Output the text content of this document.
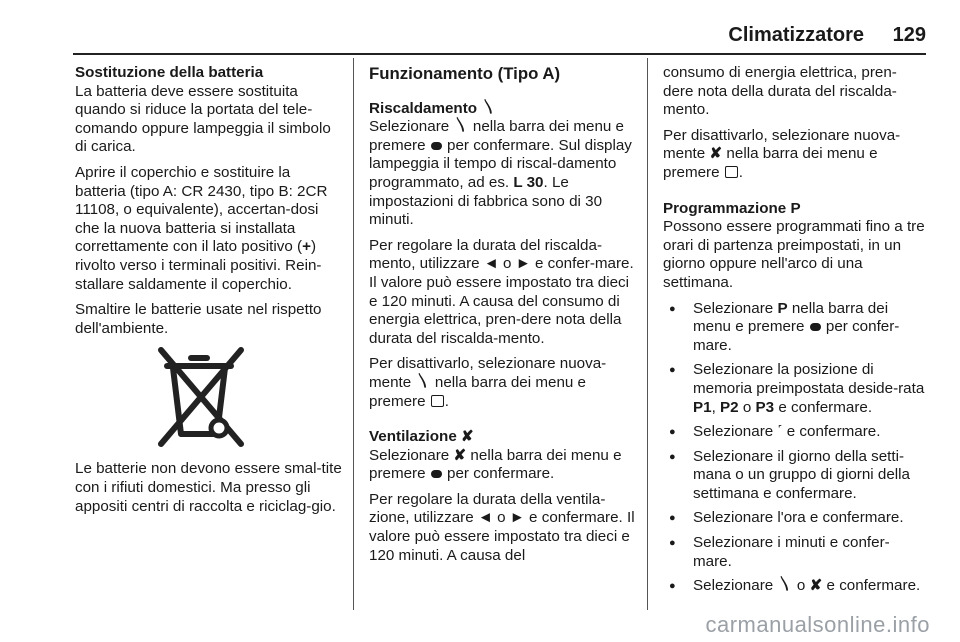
Climatizzatore 129
Sostituzione della batteria

La batteria deve essere sostituita quando si riduce la portata del tele-comando oppure lampeggia il simbolo di carica.

Aprire il coperchio e sostituire la batteria (tipo A: CR 2430, tipo B: 2CR 11108, o equivalente), accertan-dosi che la nuova batteria si installata correttamente con il lato positivo (+) rivolto verso i terminali positivi. Rein-stallare saldamente il coperchio.

Smaltire le batterie usate nel rispetto dell'ambiente.

Le batterie non devono essere smal-tite con i rifiuti domestici. Ma presso gli appositi centri di raccolta e riciclag-gio.

Funzionamento (Tipo A)
Riscaldamento 〵

Selezionare 〵 nella barra dei menu e premere per confermare. Sul display lampeggia il tempo di riscal-damento programmato, ad es. L 30. Le impostazioni di fabbrica sono di 30 minuti.

Per regolare la durata del riscalda-mento, utilizzare ◄ o ► e confer-mare. Il valore può essere impostato tra dieci e 120 minuti. A causa del consumo di energia elettrica, pren-dere nota della durata del riscalda-mento.

Per disattivarlo, selezionare nuova-mente 〵 nella barra dei menu e premere .

Ventilazione ✘

Selezionare ✘ nella barra dei menu e premere per confermare.

Per regolare la durata della ventila-zione, utilizzare ◄ o ► e confermare. Il valore può essere impostato tra dieci e 120 minuti. A causa del

consumo di energia elettrica, pren-dere nota della durata del riscalda-mento.

Per disattivarlo, selezionare nuova-mente ✘ nella barra dei menu e premere .

Programmazione P

Possono essere programmati fino a tre orari di partenza preimpostati, in un giorno oppure nell'arco di una settimana.

● Selezionare P nella barra dei menu e premere per confer-mare.
● Selezionare la posizione di memoria preimpostata deside-rata P1, P2 o P3 e confermare.
● Selezionare ˹ e confermare.
● Selezionare il giorno della setti-mana o un gruppo di giorni della settimana e confermare.
● Selezionare l'ora e confermare.
● Selezionare i minuti e confer-mare.
● Selezionare 〵 o ✘ e confermare.
carmanualsonline.info
